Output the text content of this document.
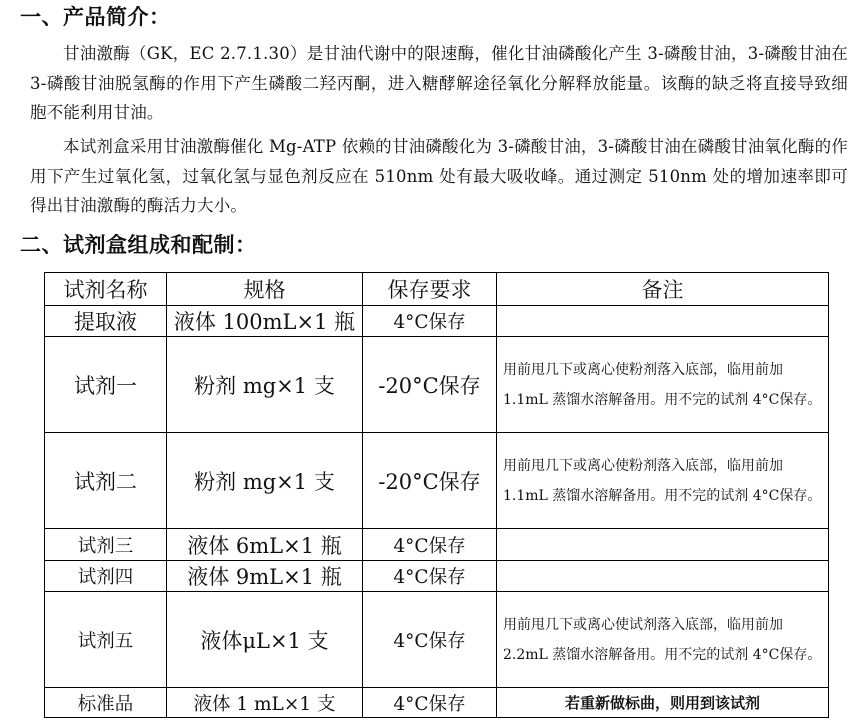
一、产品简介：

甘油激酶（GK，EC 2.7.1.30）是甘油代谢中的限速酶，催化甘油磷酸化产生 3-磷酸甘油，3-磷酸甘油在 3-磷酸甘油脱氢酶的作用下产生磷酸二羟丙酮，进入糖酵解途径氧化分解释放能量。该酶的缺乏将直接导致细胞不能利用甘油。

本试剂盒采用甘油激酶催化 Mg-ATP 依赖的甘油磷酸化为 3-磷酸甘油，3-磷酸甘油在磷酸甘油氧化酶的作用下产生过氧化氢，过氧化氢与显色剂反应在 510nm 处有最大吸收峰。通过测定 510nm 处的增加速率即可得出甘油激酶的酶活力大小。

二、试剂盒组成和配制：
试剂名称	规格	保存要求	备注
提取液	液体 100mL×1 瓶	4°C保存	
试剂一	粉剂 mg×1 支	-20°C保存	用前甩几下或离心使粉剂落入底部，临用前加 1.1mL 蒸馏水溶解备用。用不完的试剂 4°C保存。
试剂二	粉剂 mg×1 支	-20°C保存	用前甩几下或离心使粉剂落入底部，临用前加 1.1mL 蒸馏水溶解备用。用不完的试剂 4°C保存。
试剂三	液体 6mL×1 瓶	4°C保存	
试剂四	液体 9mL×1 瓶	4°C保存	
试剂五	液体μL×1 支	4°C保存	用前甩几下或离心使试剂落入底部，临用前加 2.2mL 蒸馏水溶解备用。用不完的试剂 4°C保存。
标准品	液体 1 mL×1 支	4°C保存	若重新做标曲，则用到该试剂
